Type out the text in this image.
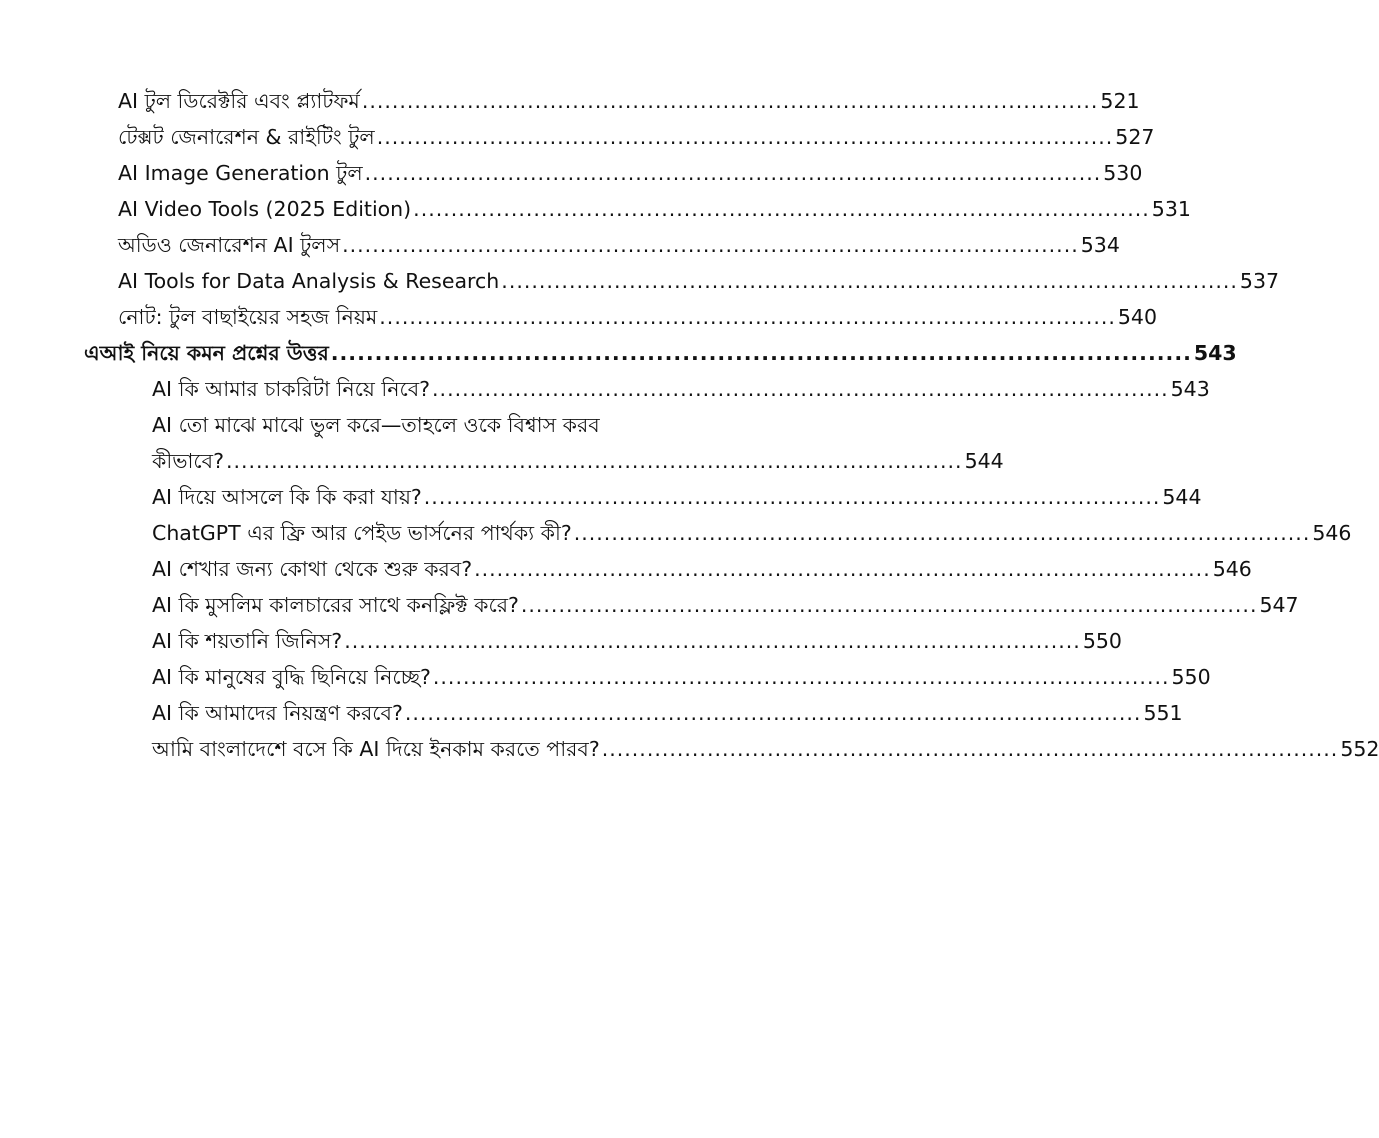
AI টুল ডিরেক্টরি এবং প্ল্যাটফর্ম .................................................................................................. 521
টেক্সট জেনারেশন & রাইটিং টুল .................................................................................................. 527
AI Image Generation টুল .................................................................................................. 530
AI Video Tools (2025 Edition) .................................................................................................. 531
অডিও জেনারেশন AI টুলস .................................................................................................. 534
AI Tools for Data Analysis & Research .................................................................................................. 537
নোট: টুল বাছাইয়ের সহজ নিয়ম .................................................................................................. 540
এআই নিয়ে কমন প্রশ্নের উত্তর .................................................................................................. 543
AI কি আমার চাকরিটা নিয়ে নিবে? .................................................................................................. 543
AI তো মাঝে মাঝে ভুল করে—তাহলে ওকে বিশ্বাস করব
কীভাবে? .................................................................................................. 544
AI দিয়ে আসলে কি কি করা যায়? .................................................................................................. 544
ChatGPT এর ফ্রি আর পেইড ভার্সনের পার্থক্য কী? .................................................................................................. 546
AI শেখার জন্য কোথা থেকে শুরু করব? .................................................................................................. 546
AI কি মুসলিম কালচারের সাথে কনফ্লিক্ট করে? .................................................................................................. 547
AI কি শয়তানি জিনিস? .................................................................................................. 550
AI কি মানুষের বুদ্ধি ছিনিয়ে নিচ্ছে? .................................................................................................. 550
AI কি আমাদের নিয়ন্ত্রণ করবে? .................................................................................................. 551
আমি বাংলাদেশে বসে কি AI দিয়ে ইনকাম করতে পারব? .................................................................................................. 552
